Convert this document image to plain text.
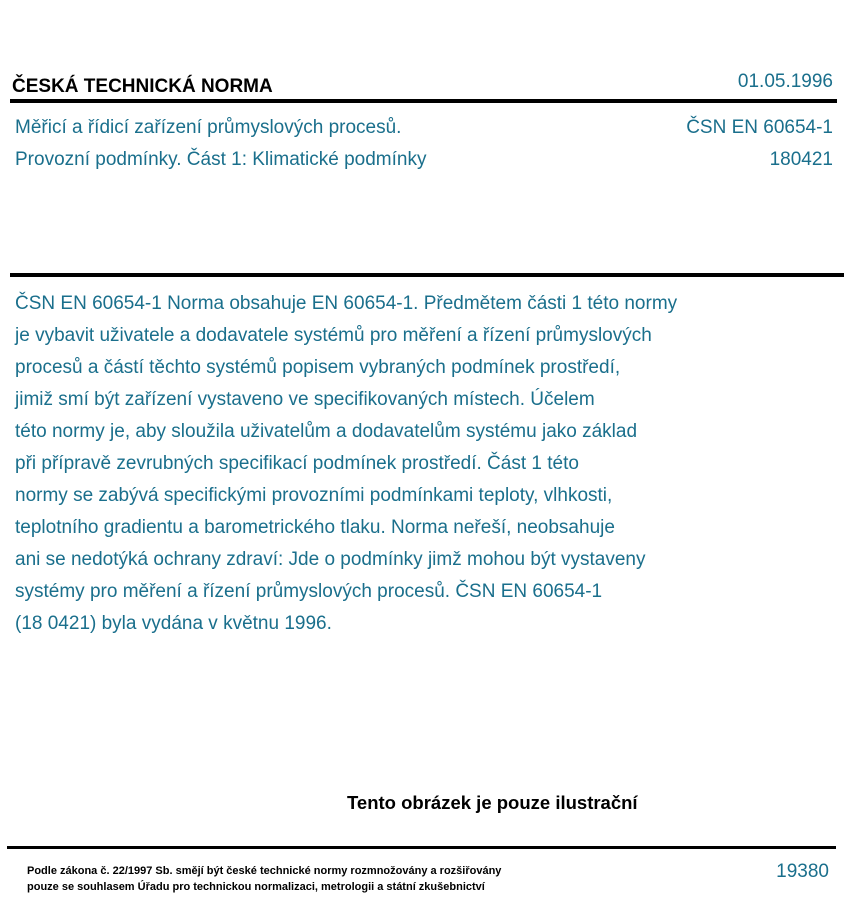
ČESKÁ TECHNICKÁ NORMA	01.05.1996
Měřicí a řídicí zařízení průmyslových procesů.
Provozní podmínky. Část 1: Klimatické podmínky
ČSN EN 60654-1
180421

ČSN EN 60654-1 Norma obsahuje EN 60654-1. Předmětem části 1 této normy
je vybavit uživatele a dodavatele systémů pro měření a řízení průmyslových
procesů a částí těchto systémů popisem vybraných podmínek prostředí,
jimiž smí být zařízení vystaveno ve specifikovaných místech. Účelem
této normy je, aby sloužila uživatelům a dodavatelům systému jako základ
při přípravě zevrubných specifikací podmínek prostředí. Část 1 této
normy se zabývá specifickými provozními podmínkami teploty, vlhkosti,
teplotního gradientu a barometrického tlaku. Norma neřeší, neobsahuje
ani se nedotýká ochrany zdraví: Jde o podmínky jimž mohou být vystaveny
systémy pro měření a řízení průmyslových procesů. ČSN EN 60654-1
(18 0421) byla vydána v květnu 1996.

Tento obrázek je pouze ilustrační
Podle zákona č. 22/1997 Sb. smějí být české technické normy rozmnožovány a rozšiřovány
pouze se souhlasem Úřadu pro technickou normalizaci, metrologii a státní zkušebnictví
19380
